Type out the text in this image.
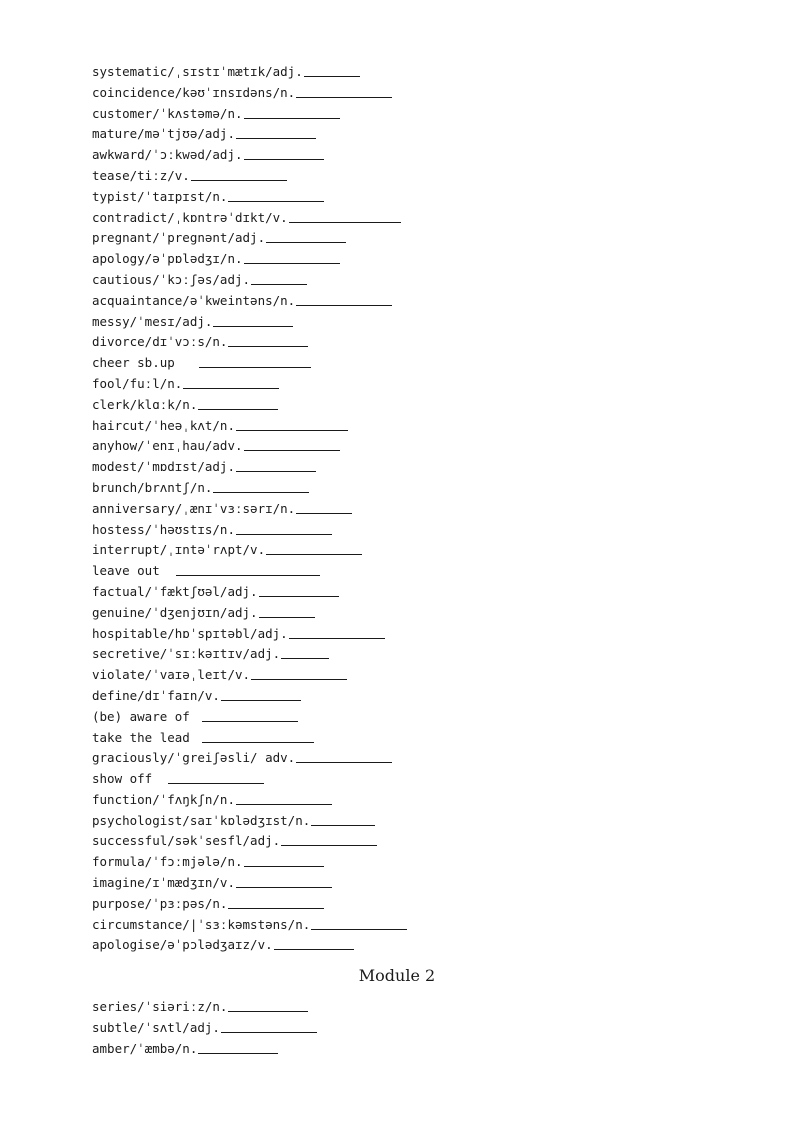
systematic/ˌsɪstɪˈmætɪk/adj.
coincidence/kəʊˈɪnsɪdəns/n.
customer/ˈkʌstəmə/n.
mature/məˈtjʊə/adj.
awkward/ˈɔːkwəd/adj.
tease/tiːz/v.
typist/ˈtaɪpɪst/n.
contradict/ˌkɒntrəˈdɪkt/v.
pregnant/ˈpregnənt/adj.
apology/əˈpɒlədʒɪ/n.
cautious/ˈkɔːʃəs/adj.
acquaintance/əˈkweintəns/n.
messy/ˈmesɪ/adj.
divorce/dɪˈvɔːs/n.
cheer sb.up
fool/fuːl/n.
clerk/klɑːk/n.
haircut/ˈheəˌkʌt/n.
anyhow/ˈenɪˌhau/adv.
modest/ˈmɒdɪst/adj.
brunch/brʌntʃ/n.
anniversary/ˌænɪˈvɜːsərɪ/n.
hostess/ˈhəʊstɪs/n.
interrupt/ˌɪntəˈrʌpt/v.
leave out
factual/ˈfæktʃʊəl/adj.
genuine/ˈdʒenjʊɪn/adj.
hospitable/hɒˈspɪtəbl/adj.
secretive/ˈsɪːkəɪtɪv/adj.
violate/ˈvaɪəˌleɪt/v.
define/dɪˈfaɪn/v.
(be) aware of
take the lead
graciously/ˈgreiʃəsli/ adv.
show off
function/ˈfʌŋkʃn/n.
psychologist/saɪˈkɒlədʒɪst/n.
successful/səkˈsesfl/adj.
formula/ˈfɔːmjələ/n.
imagine/ɪˈmædʒɪn/v.
purpose/ˈpɜːpəs/n.
circumstance/|ˈsɜːkəmstəns/n.
apologise/əˈpɔlədʒaɪz/v.
Module 2
series/ˈsiəriːz/n.
subtle/ˈsʌtl/adj.
amber/ˈæmbə/n.
